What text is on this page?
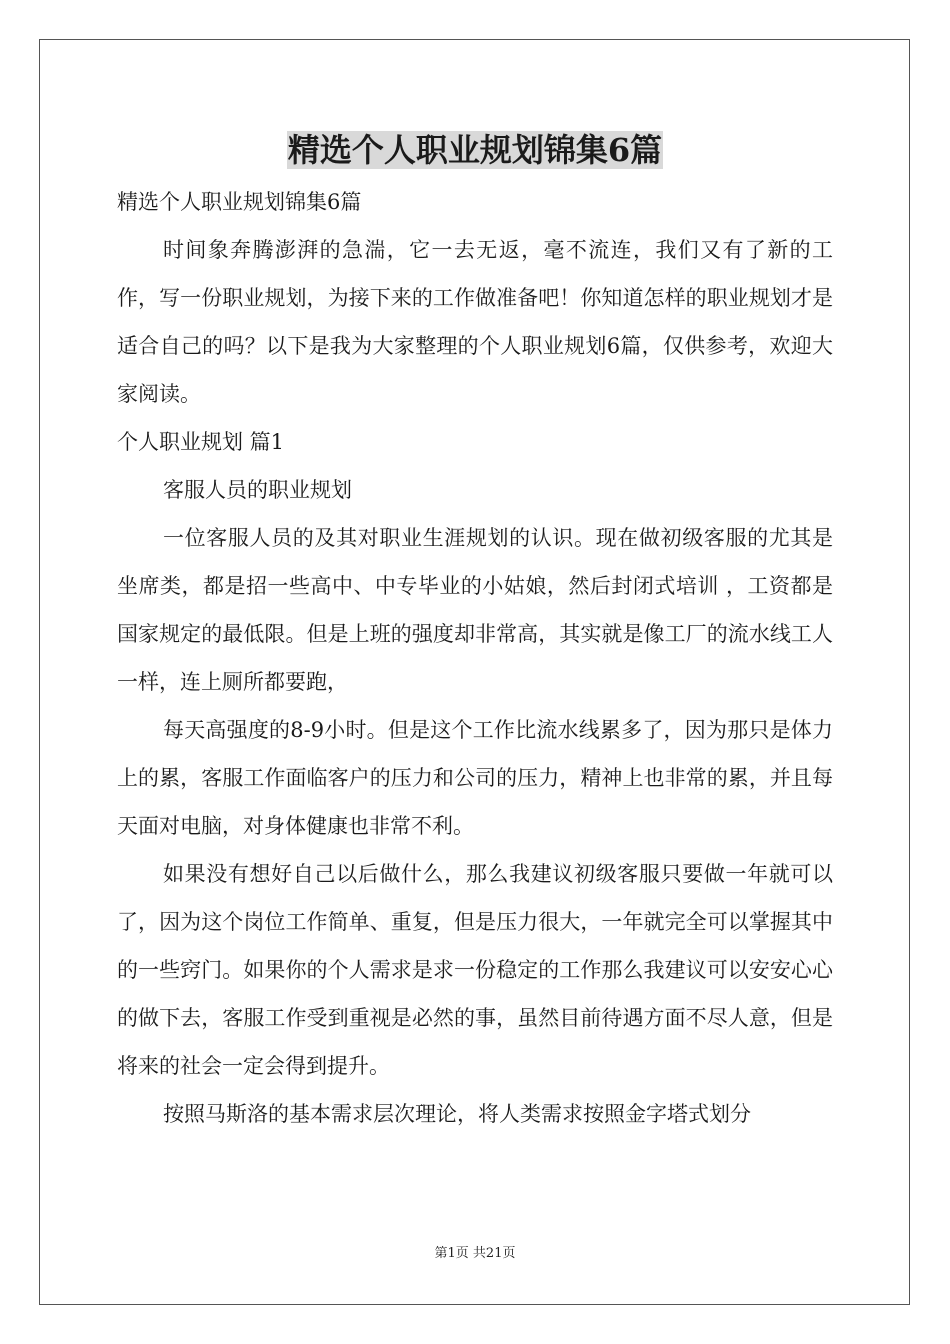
精选个人职业规划锦集6篇

精选个人职业规划锦集6篇

时间象奔腾澎湃的急湍，它一去无返，毫不流连，我们又有了新的工作，写一份职业规划，为接下来的工作做准备吧！你知道怎样的职业规划才是适合自己的吗？以下是我为大家整理的个人职业规划6篇，仅供参考，欢迎大家阅读。

个人职业规划 篇1

客服人员的职业规划

一位客服人员的及其对职业生涯规划的认识。现在做初级客服的尤其是坐席类，都是招一些高中、中专毕业的小姑娘，然后封闭式培训 ，工资都是国家规定的最低限。但是上班的强度却非常高，其实就是像工厂的流水线工人一样，连上厕所都要跑，

每天高强度的8-9小时。但是这个工作比流水线累多了，因为那只是体力上的累，客服工作面临客户的压力和公司的压力，精神上也非常的累，并且每天面对电脑，对身体健康也非常不利。

如果没有想好自己以后做什么，那么我建议初级客服只要做一年就可以了，因为这个岗位工作简单、重复，但是压力很大，一年就完全可以掌握其中的一些窍门。如果你的个人需求是求一份稳定的工作那么我建议可以安安心心的做下去，客服工作受到重视是必然的事，虽然目前待遇方面不尽人意，但是将来的社会一定会得到提升。

按照马斯洛的基本需求层次理论，将人类需求按照金字塔式划分

第1页 共21页
